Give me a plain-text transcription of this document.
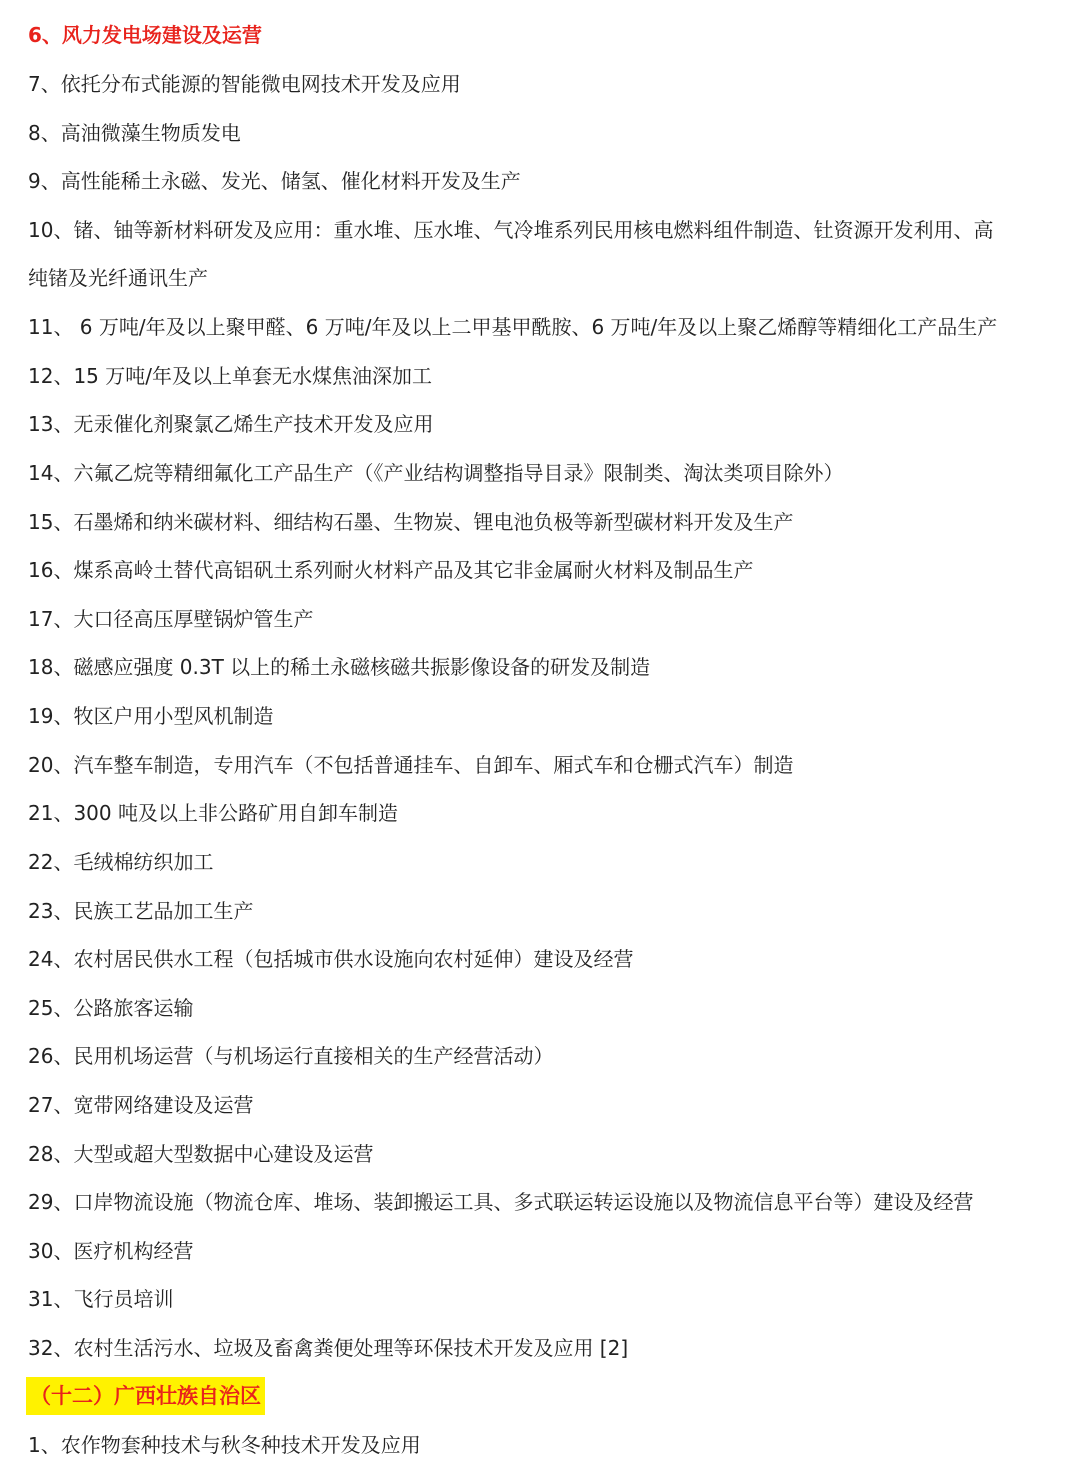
6、风力发电场建设及运营
7、依托分布式能源的智能微电网技术开发及应用
8、高油微藻生物质发电
9、高性能稀土永磁、发光、储氢、催化材料开发及生产
10、锗、铀等新材料研发及应用：重水堆、压水堆、气冷堆系列民用核电燃料组件制造、钍资源开发利用、高
纯锗及光纤通讯生产
11、 6 万吨/年及以上聚甲醛、6 万吨/年及以上二甲基甲酰胺、6 万吨/年及以上聚乙烯醇等精细化工产品生产
12、15 万吨/年及以上单套无水煤焦油深加工
13、无汞催化剂聚氯乙烯生产技术开发及应用
14、六氟乙烷等精细氟化工产品生产（《产业结构调整指导目录》限制类、淘汰类项目除外）
15、石墨烯和纳米碳材料、细结构石墨、生物炭、锂电池负极等新型碳材料开发及生产
16、煤系高岭土替代高铝矾土系列耐火材料产品及其它非金属耐火材料及制品生产
17、大口径高压厚壁锅炉管生产
18、磁感应强度 0.3T 以上的稀土永磁核磁共振影像设备的研发及制造
19、牧区户用小型风机制造
20、汽车整车制造，专用汽车（不包括普通挂车、自卸车、厢式车和仓栅式汽车）制造
21、300 吨及以上非公路矿用自卸车制造
22、毛绒棉纺织加工
23、民族工艺品加工生产
24、农村居民供水工程（包括城市供水设施向农村延伸）建设及经营
25、公路旅客运输
26、民用机场运营（与机场运行直接相关的生产经营活动）
27、宽带网络建设及运营
28、大型或超大型数据中心建设及运营
29、口岸物流设施（物流仓库、堆场、装卸搬运工具、多式联运转运设施以及物流信息平台等）建设及经营
30、医疗机构经营
31、飞行员培训
32、农村生活污水、垃圾及畜禽粪便处理等环保技术开发及应用 [2]
（十二）广西壮族自治区
1、农作物套种技术与秋冬种技术开发及应用
